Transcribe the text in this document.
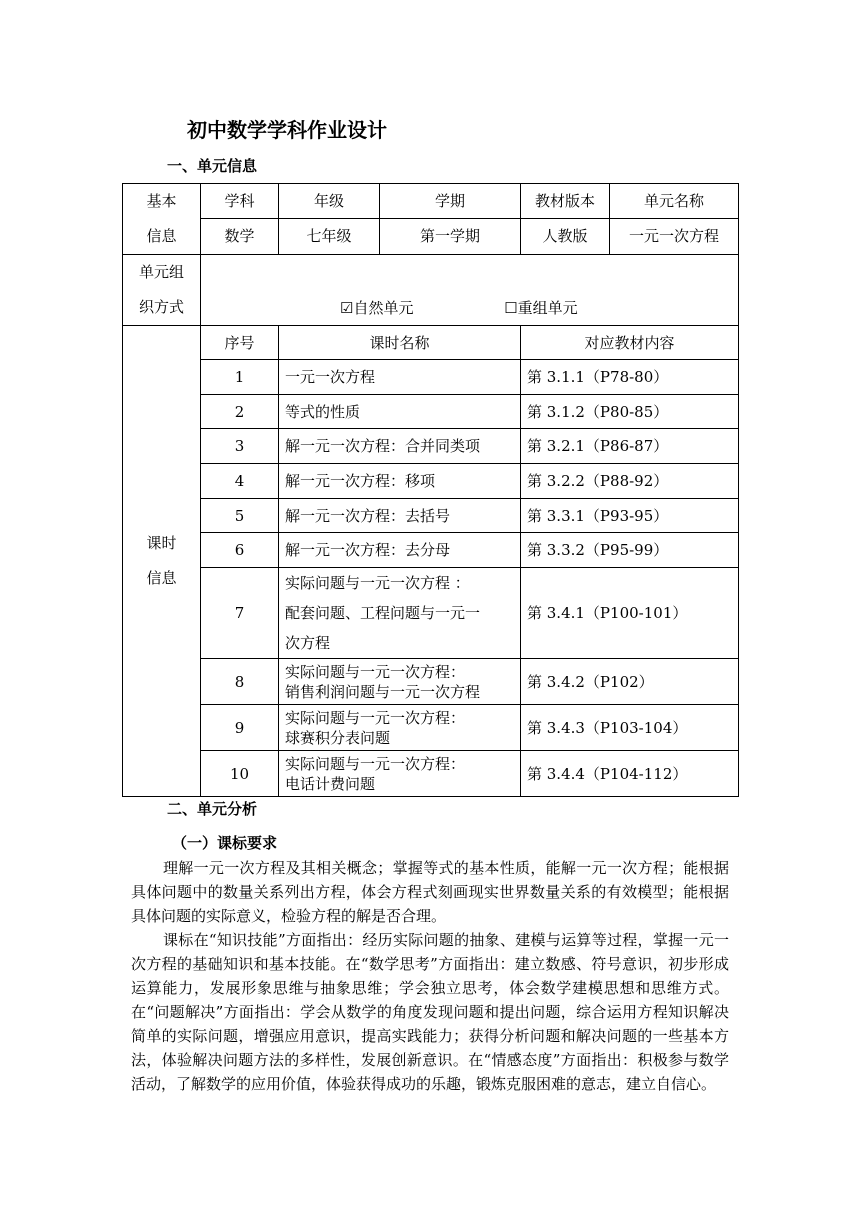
初中数学学科作业设计
一、单元信息
基本
信息	学科	年级	学期	教材版本	单元名称
	数学	七年级	第一学期	人教版	一元一次方程

单元组
织方式	☑自然单元 ☐重组单元				

课时
信息	序号	课时名称		对应教材内容	
	1	一元一次方程		第 3.1.1（P78-80）	
	2	等式的性质		第 3.1.2（P80-85）	
	3	解一元一次方程：合并同类项		第 3.2.1（P86-87）	
	4	解一元一次方程：移项		第 3.2.2（P88-92）	
	5	解一元一次方程：去括号		第 3.3.1（P93-95）	
	6	解一元一次方程：去分母		第 3.3.2（P95-99）	
	7	实际问题与一元一次方程 ：
配套问题、工程问题与一元一
次方程		第 3.4.1（P100-101）	
	8	实际问题与一元一次方程：
销售利润问题与一元一次方程		第 3.4.2（P102）	
	9	实际问题与一元一次方程：
球赛积分表问题		第 3.4.3（P103-104）	
	10	实际问题与一元一次方程：
电话计费问题		第 3.4.4（P104-112）	
二、单元分析
（一）课标要求

理解一元一次方程及其相关概念；掌握等式的基本性质，能解一元一次方程；能根据具体问题中的数量关系列出方程，体会方程式刻画现实世界数量关系的有效模型；能根据具体问题的实际意义，检验方程的解是否合理。

课标在“知识技能”方面指出：经历实际问题的抽象、建模与运算等过程，掌握一元一次方程的基础知识和基本技能。在“数学思考”方面指出：建立数感、符号意识，初步形成运算能力，发展形象思维与抽象思维；学会独立思考，体会数学建模思想和思维方式。在“问题解决”方面指出：学会从数学的角度发现问题和提出问题，综合运用方程知识解决简单的实际问题，增强应用意识，提高实践能力；获得分析问题和解决问题的一些基本方法，体验解决问题方法的多样性，发展创新意识。在“情感态度”方面指出：积极参与数学活动，了解数学的应用价值，体验获得成功的乐趣，锻炼克服困难的意志，建立自信心。
